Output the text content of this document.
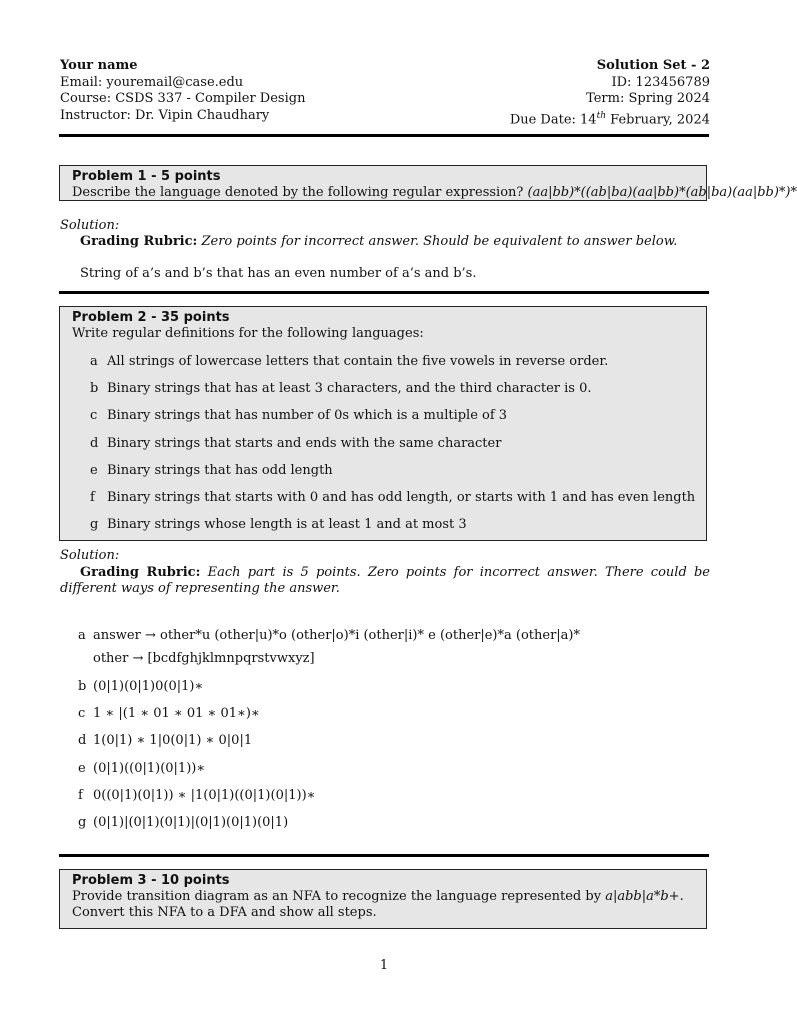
Your name	Solution Set - 2
Email: youremail@case.edu	ID: 123456789
Course: CSDS 337 - Compiler Design	Term: Spring 2024
Instructor: Dr. Vipin Chaudhary	Due Date: 14th February, 2024
Problem 1 - 5 points
Describe the language denoted by the following regular expression? (aa|bb)*((ab|ba)(aa|bb)*(ab|ba)(aa|bb)*)*
Solution:
Grading Rubric: Zero points for incorrect answer. Should be equivalent to answer below.
String of a’s and b’s that has an even number of a’s and b’s.
Problem 2 - 35 points
Write regular definitions for the following languages:
a All strings of lowercase letters that contain the five vowels in reverse order.
b Binary strings that has at least 3 characters, and the third character is 0.
c Binary strings that has number of 0s which is a multiple of 3
d Binary strings that starts and ends with the same character
e Binary strings that has odd length
f Binary strings that starts with 0 and has odd length, or starts with 1 and has even length
g Binary strings whose length is at least 1 and at most 3
Solution:
Grading Rubric: Each part is 5 points. Zero points for incorrect answer. There could be different ways of representing the answer.
a answer → other*u (other|u)*o (other|o)*i (other|i)* e (other|e)*a (other|a)*
other → [bcdfghjklmnpqrstvwxyz]
b (0|1)(0|1)0(0|1)∗
c 1 ∗ |(1 ∗ 01 ∗ 01 ∗ 01∗)∗
d 1(0|1) ∗ 1|0(0|1) ∗ 0|0|1
e (0|1)((0|1)(0|1))∗
f 0((0|1)(0|1)) ∗ |1(0|1)((0|1)(0|1))∗
g (0|1)|(0|1)(0|1)|(0|1)(0|1)(0|1)
Problem 3 - 10 points
Provide transition diagram as an NFA to recognize the language represented by a|abb|a*b+. Convert this NFA to a DFA and show all steps.
1
